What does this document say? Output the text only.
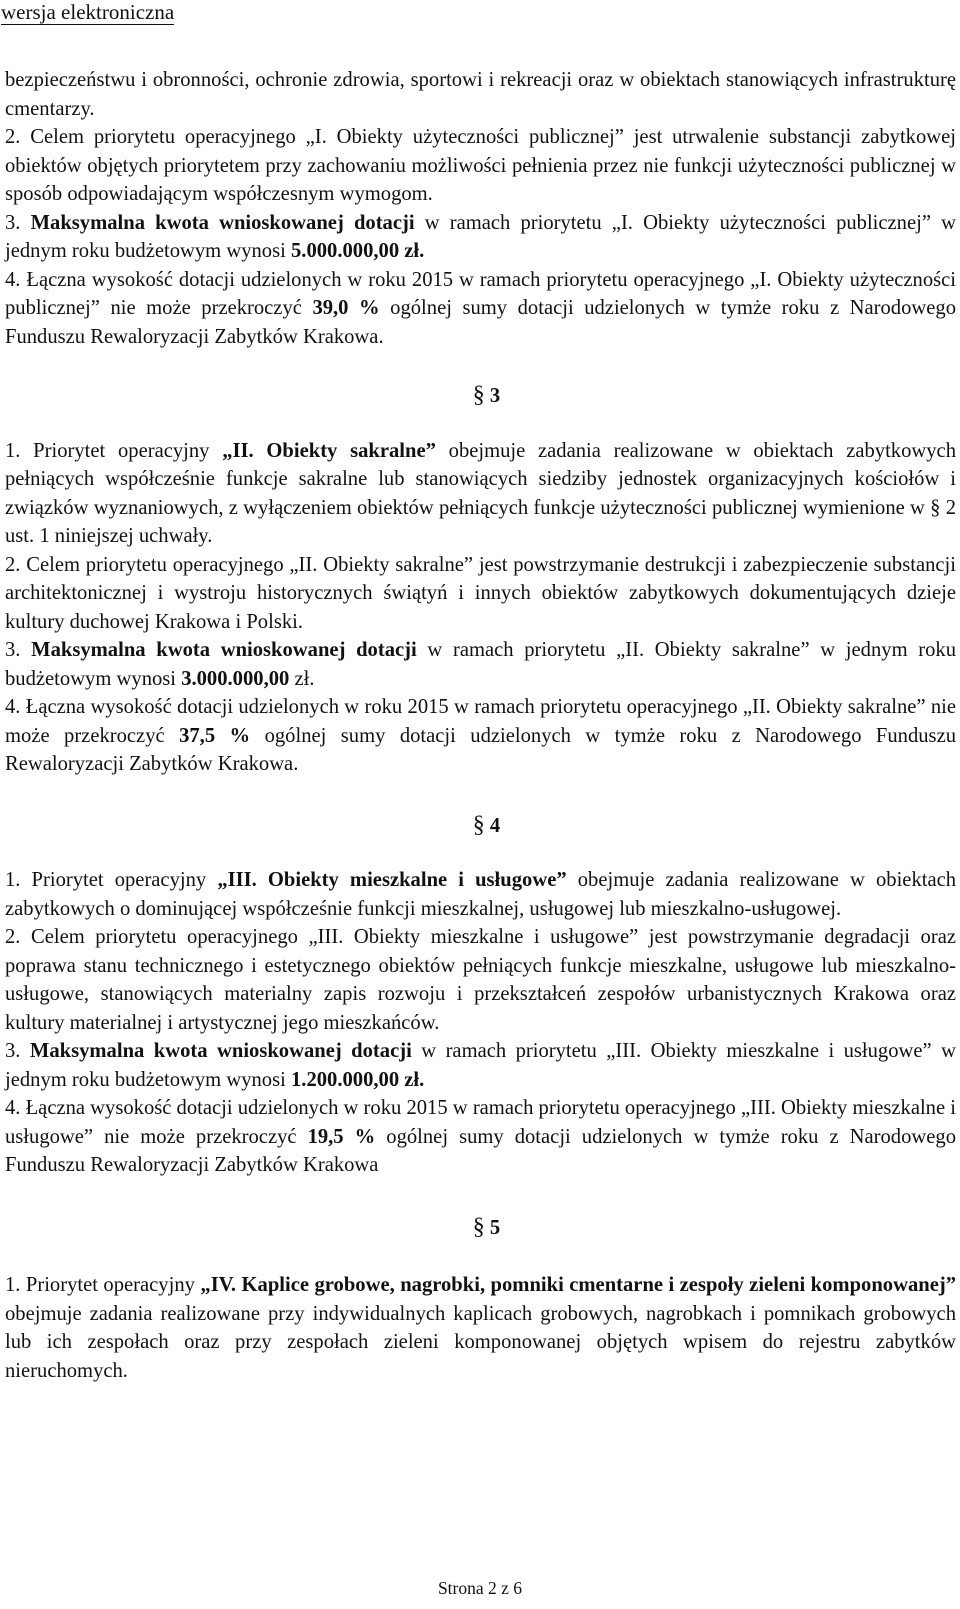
wersja elektroniczna

bezpieczeństwu i obronności, ochronie zdrowia, sportowi i rekreacji oraz w obiektach stanowiących infrastrukturę cmentarzy.

2. Celem priorytetu operacyjnego „I. Obiekty użyteczności publicznej” jest utrwalenie substancji zabytkowej obiektów objętych priorytetem przy zachowaniu możliwości pełnienia przez nie funkcji użyteczności publicznej w sposób odpowiadającym współczesnym wymogom.

3. Maksymalna kwota wnioskowanej dotacji w ramach priorytetu „I. Obiekty użyteczności publicznej” w jednym roku budżetowym wynosi 5.000.000,00 zł.

4. Łączna wysokość dotacji udzielonych w roku 2015 w ramach priorytetu operacyjnego „I. Obiekty użyteczności publicznej” nie może przekroczyć 39,0 % ogólnej sumy dotacji udzielonych w tymże roku z Narodowego Funduszu Rewaloryzacji Zabytków Krakowa.

§ 3

1. Priorytet operacyjny „II. Obiekty sakralne” obejmuje zadania realizowane w obiektach zabytkowych pełniących współcześnie funkcje sakralne lub stanowiących siedziby jednostek organizacyjnych kościołów i związków wyznaniowych, z wyłączeniem obiektów pełniących funkcje użyteczności publicznej wymienione w § 2 ust. 1 niniejszej uchwały.

2. Celem priorytetu operacyjnego „II. Obiekty sakralne” jest powstrzymanie destrukcji i zabezpieczenie substancji architektonicznej i wystroju historycznych świątyń i innych obiektów zabytkowych dokumentujących dzieje kultury duchowej Krakowa i Polski.

3. Maksymalna kwota wnioskowanej dotacji w ramach priorytetu „II. Obiekty sakralne” w jednym roku budżetowym wynosi 3.000.000,00 zł.

4. Łączna wysokość dotacji udzielonych w roku 2015 w ramach priorytetu operacyjnego „II. Obiekty sakralne” nie może przekroczyć 37,5 % ogólnej sumy dotacji udzielonych w tymże roku z Narodowego Funduszu Rewaloryzacji Zabytków Krakowa.

§ 4

1. Priorytet operacyjny „III. Obiekty mieszkalne i usługowe” obejmuje zadania realizowane w obiektach zabytkowych o dominującej współcześnie funkcji mieszkalnej, usługowej lub mieszkalno-usługowej.

2. Celem priorytetu operacyjnego „III. Obiekty mieszkalne i usługowe” jest powstrzymanie degradacji oraz poprawa stanu technicznego i estetycznego obiektów pełniących funkcje mieszkalne, usługowe lub mieszkalno-usługowe, stanowiących materialny zapis rozwoju i przekształceń zespołów urbanistycznych Krakowa oraz kultury materialnej i artystycznej jego mieszkańców.

3. Maksymalna kwota wnioskowanej dotacji w ramach priorytetu „III. Obiekty mieszkalne i usługowe” w jednym roku budżetowym wynosi 1.200.000,00 zł.

4. Łączna wysokość dotacji udzielonych w roku 2015 w ramach priorytetu operacyjnego „III. Obiekty mieszkalne i usługowe” nie może przekroczyć 19,5 % ogólnej sumy dotacji udzielonych w tymże roku z Narodowego Funduszu Rewaloryzacji Zabytków Krakowa

§ 5

1. Priorytet operacyjny „IV. Kaplice grobowe, nagrobki, pomniki cmentarne i zespoły zieleni komponowanej” obejmuje zadania realizowane przy indywidualnych kaplicach grobowych, nagrobkach i pomnikach grobowych lub ich zespołach oraz przy zespołach zieleni komponowanej objętych wpisem do rejestru zabytków nieruchomych.

Strona 2 z 6
